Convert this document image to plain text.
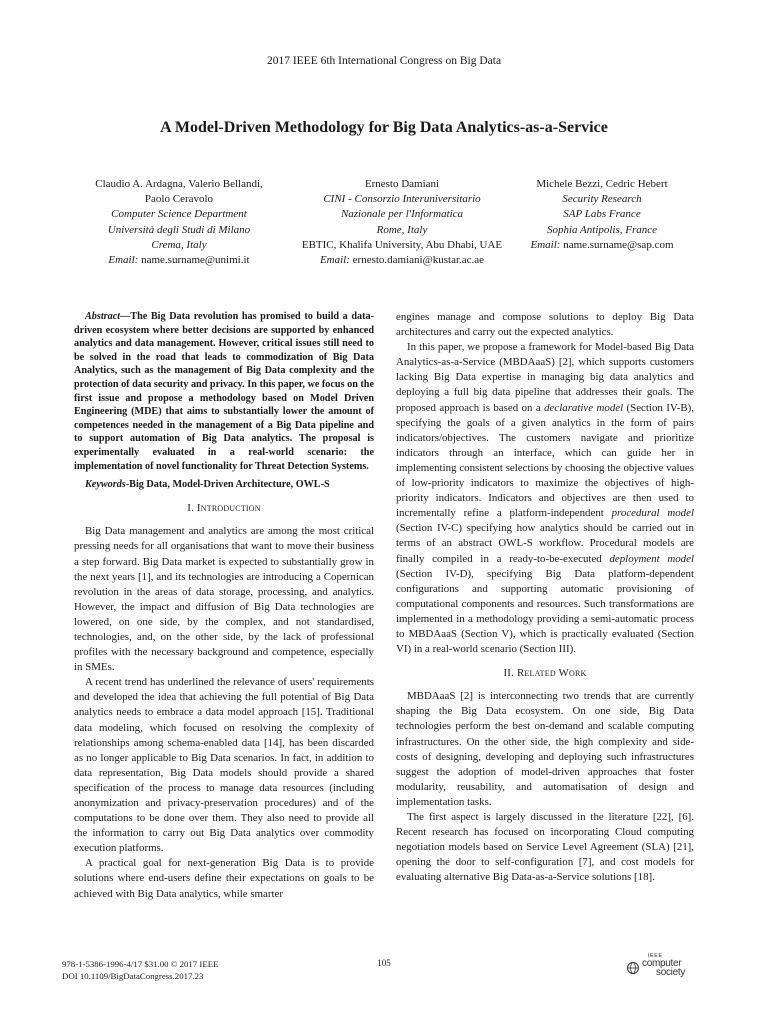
2017 IEEE 6th International Congress on Big Data
A Model-Driven Methodology for Big Data Analytics-as-a-Service
Claudio A. Ardagna, Valerio Bellandi,
Paolo Ceravolo
Computer Science Department
Università degli Studi di Milano
Crema, Italy
Email: name.surname@unimi.it
Ernesto Damiani
CINI - Consorzio Interuniversitario
Nazionale per l'Informatica
Rome, Italy
EBTIC, Khalifa University, Abu Dhabi, UAE
Email: ernesto.damiani@kustar.ac.ae
Michele Bezzi, Cedric Hebert
Security Research
SAP Labs France
Sophia Antipolis, France
Email: name.surname@sap.com
Abstract—The Big Data revolution has promised to build a data-driven ecosystem where better decisions are supported by enhanced analytics and data management. However, critical issues still need to be solved in the road that leads to commodization of Big Data Analytics, such as the management of Big Data complexity and the protection of data security and privacy. In this paper, we focus on the first issue and propose a methodology based on Model Driven Engineering (MDE) that aims to substantially lower the amount of competences needed in the management of a Big Data pipeline and to support automation of Big Data analytics. The proposal is experimentally evaluated in a real-world scenario: the implementation of novel functionality for Threat Detection Systems.
Keywords-Big Data, Model-Driven Architecture, OWL-S
I. Introduction

Big Data management and analytics are among the most critical pressing needs for all organisations that want to move their business a step forward. Big Data market is expected to substantially grow in the next years [1], and its technologies are introducing a Copernican revolution in the areas of data storage, processing, and analytics. However, the impact and diffusion of Big Data technologies are lowered, on one side, by the complex, and not standardised, technologies, and, on the other side, by the lack of professional profiles with the necessary background and competence, especially in SMEs.

A recent trend has underlined the relevance of users' requirements and developed the idea that achieving the full potential of Big Data analytics needs to embrace a data model approach [15]. Traditional data modeling, which focused on resolving the complexity of relationships among schema-enabled data [14], has been discarded as no longer applicable to Big Data scenarios. In fact, in addition to data representation, Big Data models should provide a shared specification of the process to manage data resources (including anonymization and privacy-preservation procedures) and of the computations to be done over them. They also need to provide all the information to carry out Big Data analytics over commodity execution platforms.

A practical goal for next-generation Big Data is to provide solutions where end-users define their expectations on goals to be achieved with Big Data analytics, while smarter

engines manage and compose solutions to deploy Big Data architectures and carry out the expected analytics.

In this paper, we propose a framework for Model-based Big Data Analytics-as-a-Service (MBDAaaS) [2], which supports customers lacking Big Data expertise in managing big data analytics and deploying a full big data pipeline that addresses their goals. The proposed approach is based on a declarative model (Section IV-B), specifying the goals of a given analytics in the form of pairs indicators/objectives. The customers navigate and prioritize indicators through an interface, which can guide her in implementing consistent selections by choosing the objective values of low-priority indicators to maximize the objectives of high-priority indicators. Indicators and objectives are then used to incrementally refine a platform-independent procedural model (Section IV-C) specifying how analytics should be carried out in terms of an abstract OWL-S workflow. Procedural models are finally compiled in a ready-to-be-executed deployment model (Section IV-D), specifying Big Data platform-dependent configurations and supporting automatic provisioning of computational components and resources. Such transformations are implemented in a methodology providing a semi-automatic process to MBDAaaS (Section V), which is practically evaluated (Section VI) in a real-world scenario (Section III).

II. Related Work

MBDAaaS [2] is interconnecting two trends that are currently shaping the Big Data ecosystem. On one side, Big Data technologies perform the best on-demand and scalable computing infrastructures. On the other side, the high complexity and side-costs of designing, developing and deploying such infrastructures suggest the adoption of model-driven approaches that foster modularity, reusability, and automatisation of design and implementation tasks.

The first aspect is largely discussed in the literature [22], [6]. Recent research has focused on incorporating Cloud computing negotiation models based on Service Level Agreement (SLA) [21], opening the door to self-configuration [7], and cost models for evaluating alternative Big Data-as-a-Service solutions [18].

978-1-5386-1996-4/17 $31.00 © 2017 IEEE
DOI 10.1109/BigDataCongress.2017.23
105
IEEE
computer
society
